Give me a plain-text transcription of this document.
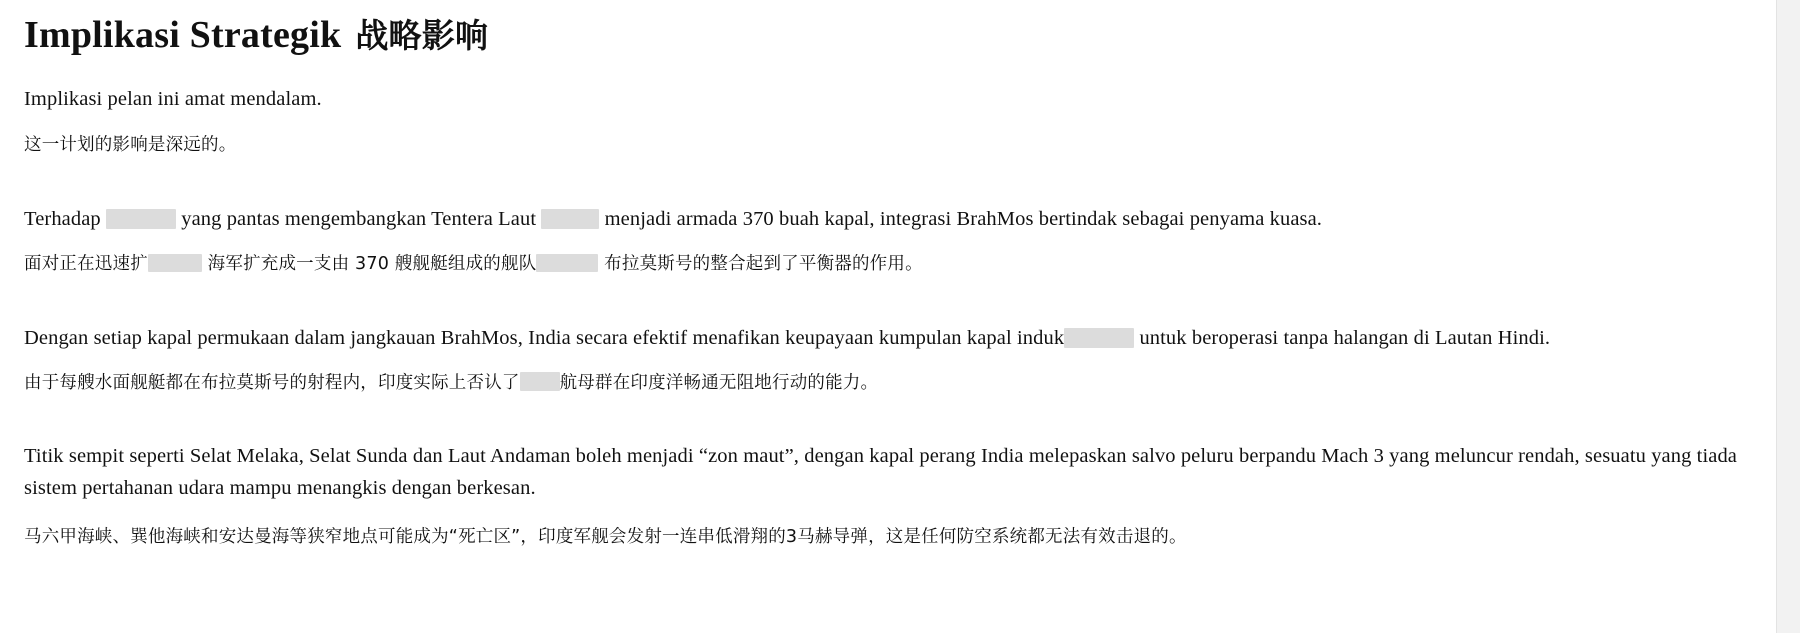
Implikasi Strategik 战略影响

Implikasi pelan ini amat mendalam.

这一计划的影响是深远的。

Terhadap	yang pantas mengembangkan Tentera Laut	menjadi armada 370 buah kapal, integrasi BrahMos bertindak sebagai penyama kuasa.

面对正在迅速扩	海军扩充成一支由 370 艘舰艇组成的舰队	布拉莫斯号的整合起到了平衡器的作用。

Dengan setiap kapal permukaan dalam jangkauan BrahMos, India secara efektif menafikan keupayaan kumpulan kapal induk	untuk beroperasi tanpa halangan di Lautan Hindi.

由于每艘水面舰艇都在布拉莫斯号的射程内，印度实际上否认了 航母群在印度洋畅通无阻地行动的能力。

Titik sempit seperti Selat Melaka, Selat Sunda dan Laut Andaman boleh menjadi “zon maut”, dengan kapal perang India melepaskan salvo peluru berpandu Mach 3 yang meluncur rendah, sesuatu yang tiada sistem pertahanan udara mampu menangkis dengan berkesan.

马六甲海峡、巽他海峡和安达曼海等狭窄地点可能成为“死亡区”，印度军舰会发射一连串低滑翔的3马赫导弹，这是任何防空系统都无法有效击退的。
